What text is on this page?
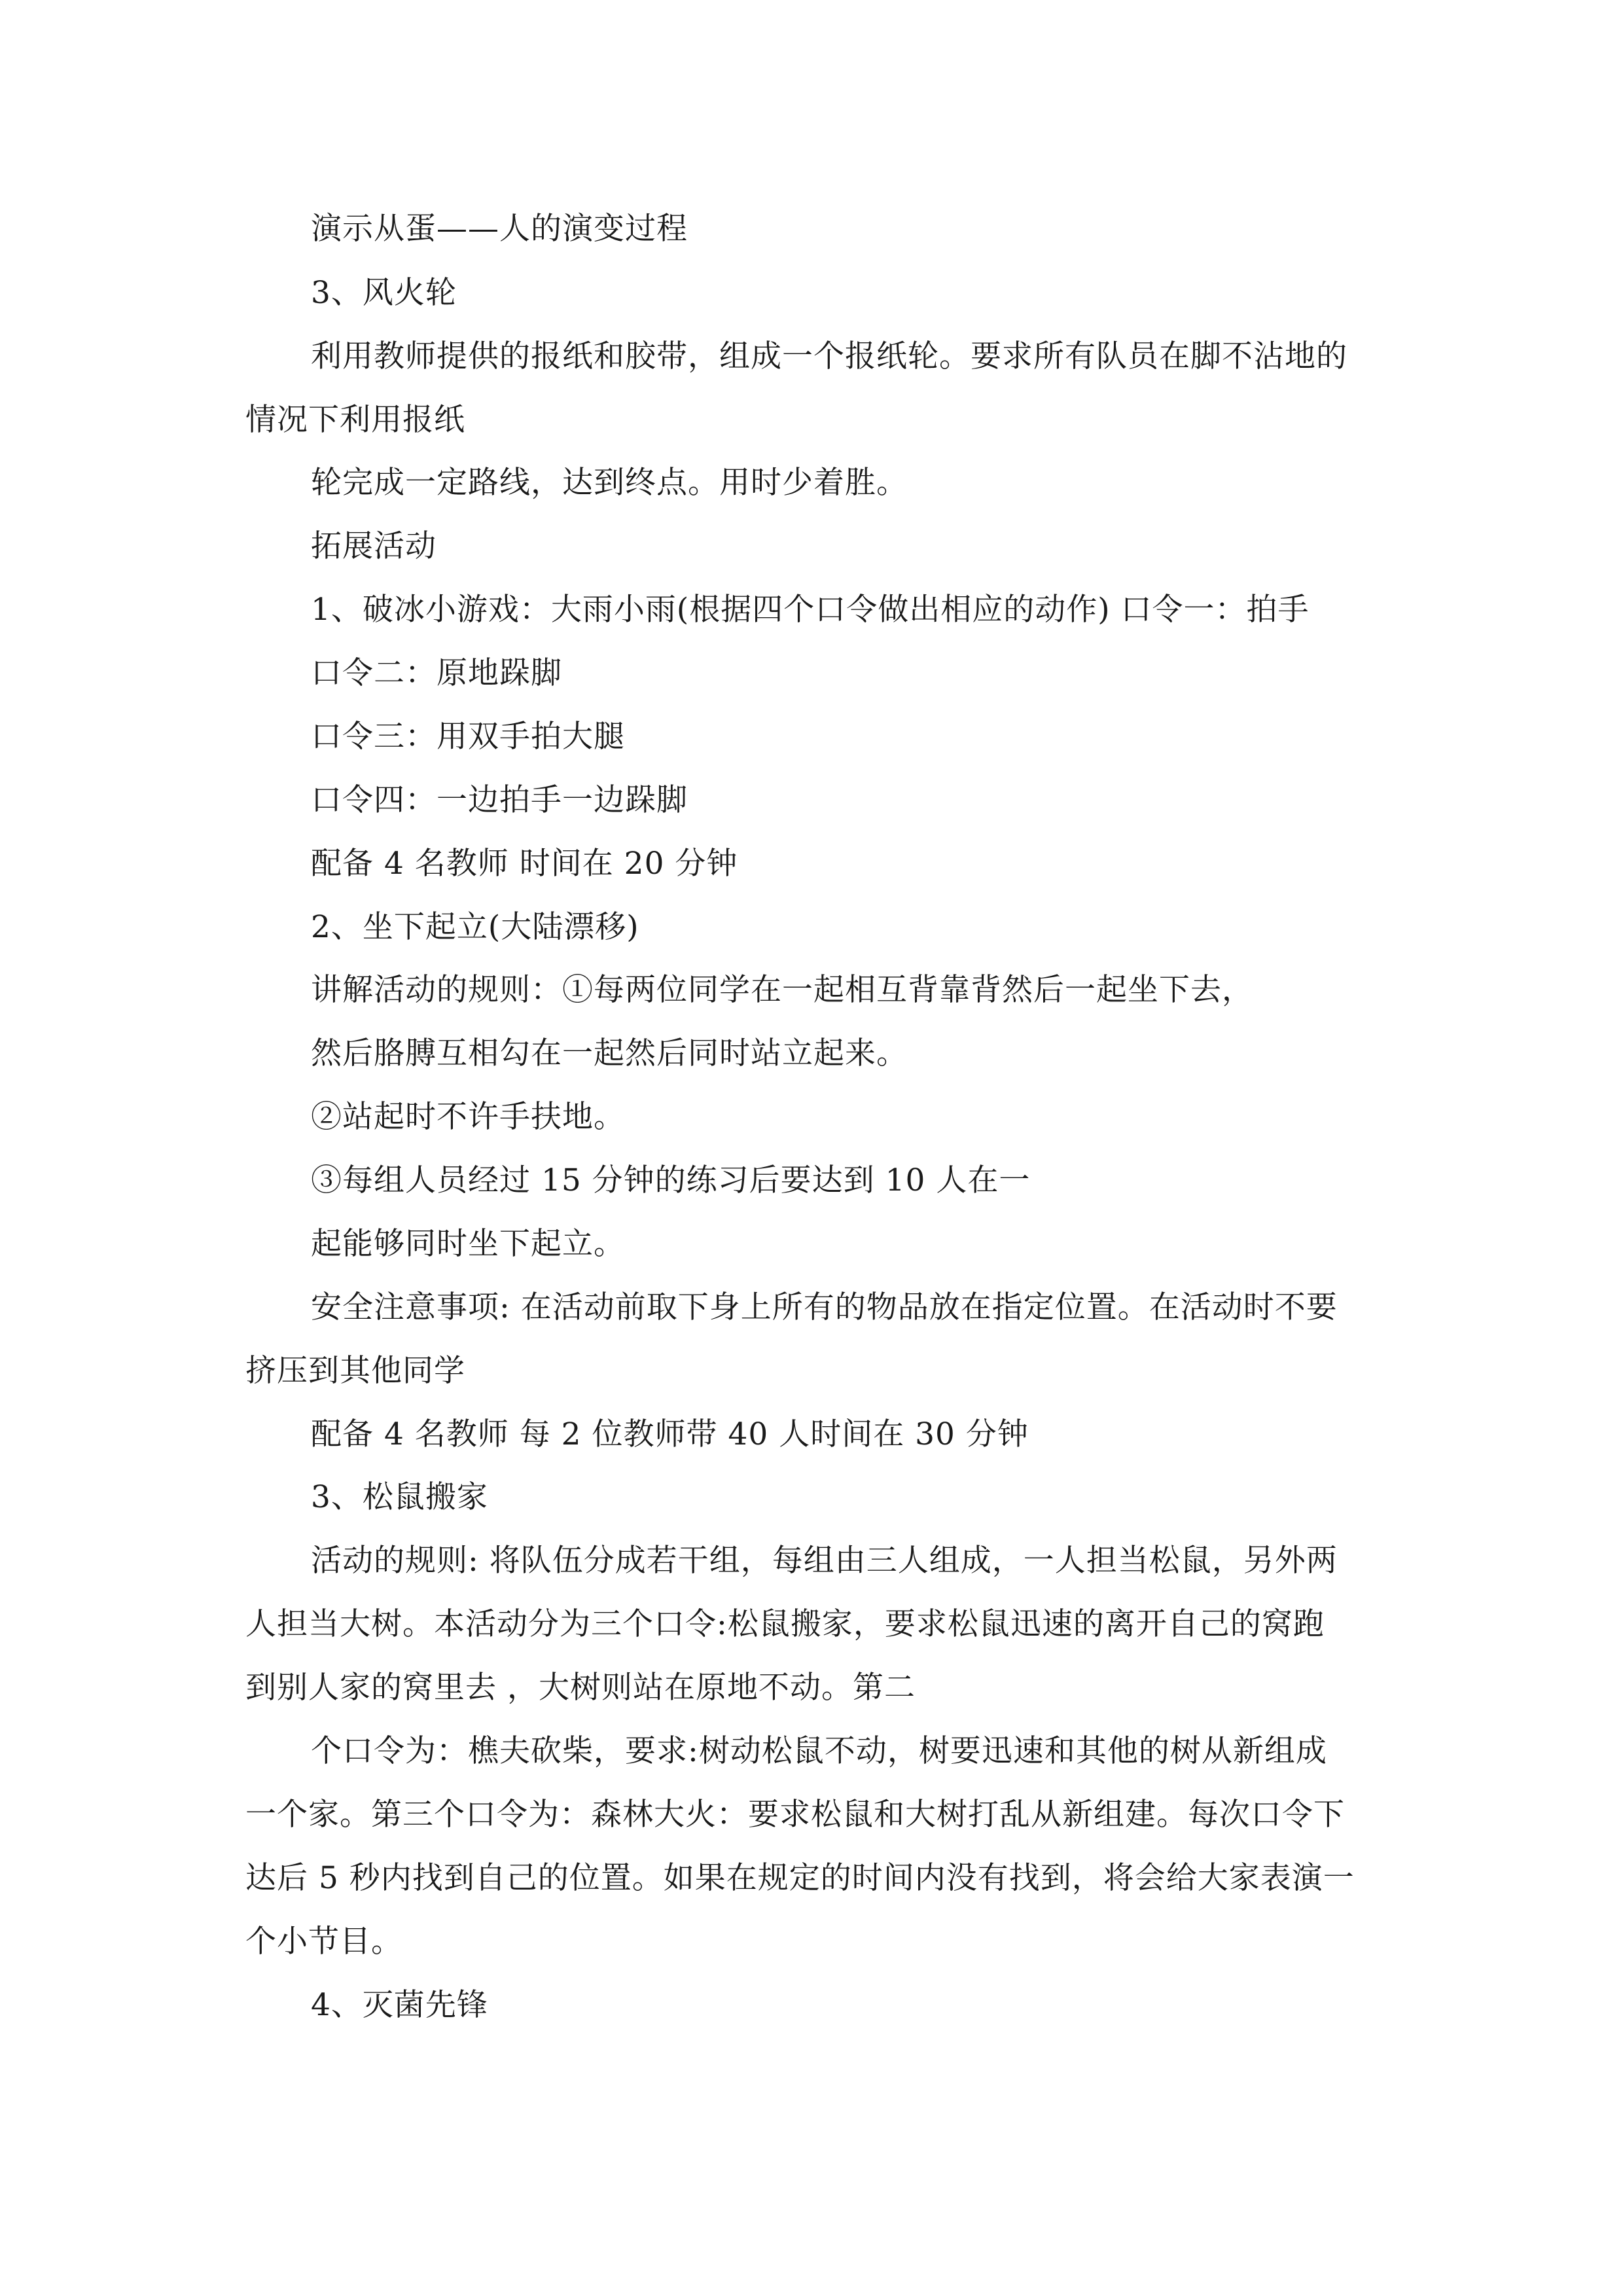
演示从蛋——人的演变过程
3、风火轮
利用教师提供的报纸和胶带，组成一个报纸轮。要求所有队员在脚不沾地的
情况下利用报纸
轮完成一定路线，达到终点。用时少着胜。
拓展活动
1、破冰小游戏：大雨小雨(根据四个口令做出相应的动作) 口令一：拍手
口令二：原地跺脚
口令三：用双手拍大腿
口令四：一边拍手一边跺脚
配备 4 名教师 时间在 20 分钟
2、坐下起立(大陆漂移)
讲解活动的规则：①每两位同学在一起相互背靠背然后一起坐下去，
然后胳膊互相勾在一起然后同时站立起来。
②站起时不许手扶地。
③每组人员经过 15 分钟的练习后要达到 10 人在一
起能够同时坐下起立。
安全注意事项: 在活动前取下身上所有的物品放在指定位置。在活动时不要
挤压到其他同学
配备 4 名教师 每 2 位教师带 40 人时间在 30 分钟
3、松鼠搬家
活动的规则: 将队伍分成若干组，每组由三人组成，一人担当松鼠，另外两
人担当大树。本活动分为三个口令:松鼠搬家，要求松鼠迅速的离开自己的窝跑
到别人家的窝里去 ，大树则站在原地不动。第二
个口令为：樵夫砍柴，要求:树动松鼠不动，树要迅速和其他的树从新组成
一个家。第三个口令为：森林大火：要求松鼠和大树打乱从新组建。每次口令下
达后 5 秒内找到自己的位置。如果在规定的时间内没有找到，将会给大家表演一
个小节目。
4、灭菌先锋
